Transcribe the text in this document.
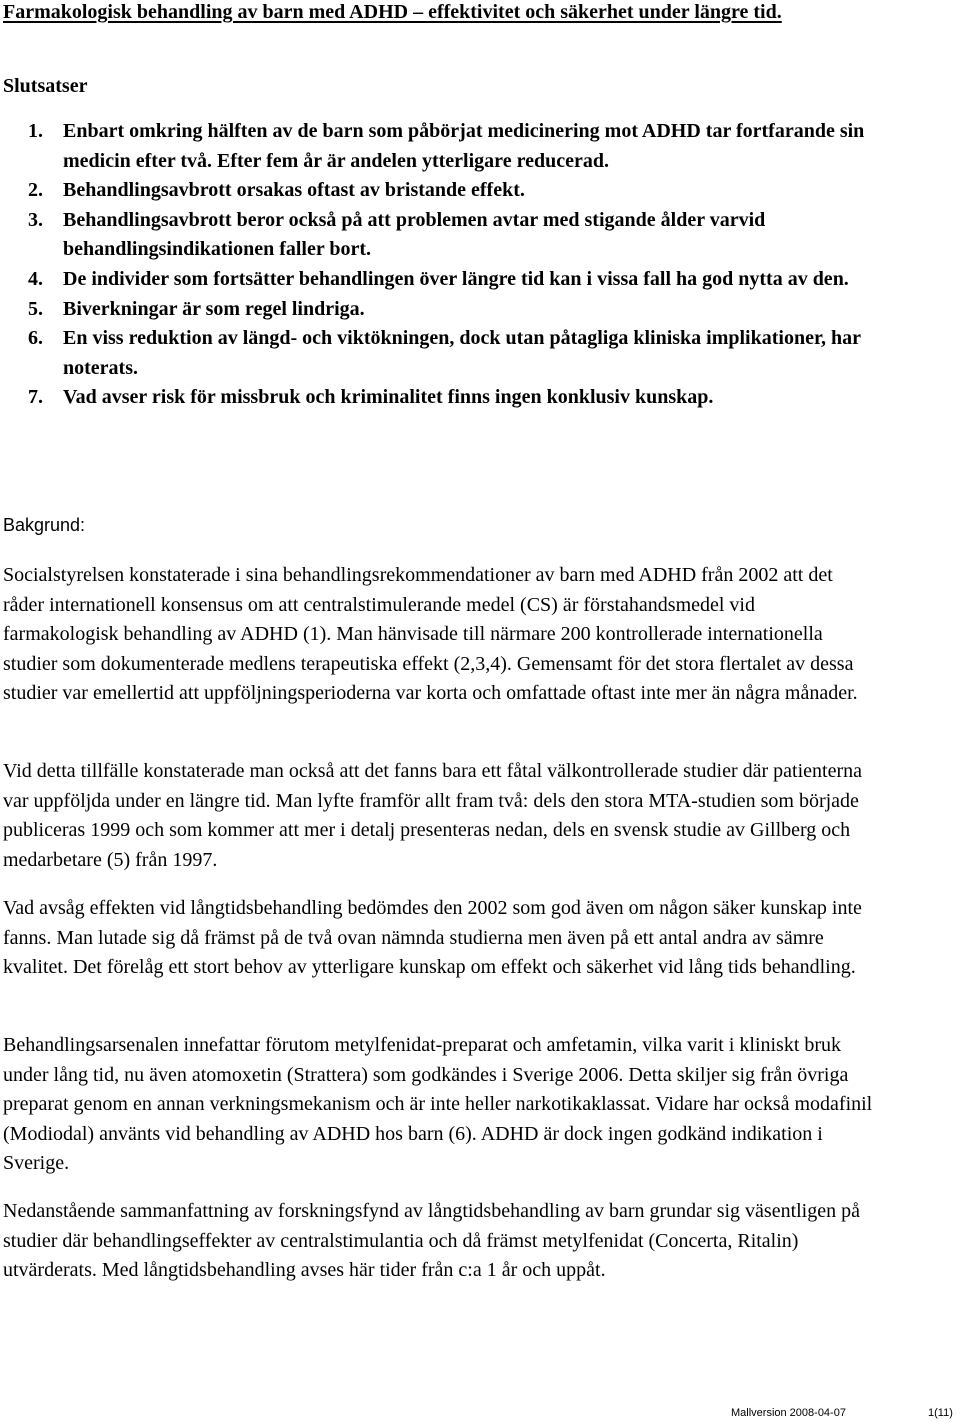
Farmakologisk behandling av barn med ADHD – effektivitet och säkerhet under längre tid.
Slutsatser
1. Enbart omkring hälften av de barn som påbörjat medicinering mot ADHD tar fortfarande sin medicin efter två. Efter fem år är andelen ytterligare reducerad.
2. Behandlingsavbrott orsakas oftast av bristande effekt.
3. Behandlingsavbrott beror också på att problemen avtar med stigande ålder varvid behandlingsindikationen faller bort.
4. De individer som fortsätter behandlingen över längre tid kan i vissa fall ha god nytta av den.
5. Biverkningar är som regel lindriga.
6. En viss reduktion av längd- och viktökningen, dock utan påtagliga kliniska implikationer, har noterats.
7. Vad avser risk för missbruk och kriminalitet finns ingen konklusiv kunskap.
Bakgrund:

Socialstyrelsen konstaterade i sina behandlingsrekommendationer av barn med ADHD från 2002 att det råder internationell konsensus om att centralstimulerande medel (CS) är förstahandsmedel vid farmakologisk behandling av ADHD (1). Man hänvisade till närmare 200 kontrollerade internationella studier som dokumenterade medlens terapeutiska effekt (2,3,4). Gemensamt för det stora flertalet av dessa studier var emellertid att uppföljningsperioderna var korta och omfattade oftast inte mer än några månader.

Vid detta tillfälle konstaterade man också att det fanns bara ett fåtal välkontrollerade studier där patienterna var uppföljda under en längre tid. Man lyfte framför allt fram två: dels den stora MTA-studien som började publiceras 1999 och som kommer att mer i detalj presenteras nedan, dels en svensk studie av Gillberg och medarbetare (5) från 1997.

Vad avsåg effekten vid långtidsbehandling bedömdes den 2002 som god även om någon säker kunskap inte fanns. Man lutade sig då främst på de två ovan nämnda studierna men även på ett antal andra av sämre kvalitet. Det förelåg ett stort behov av ytterligare kunskap om effekt och säkerhet vid lång tids behandling.

Behandlingsarsenalen innefattar förutom metylfenidat-preparat och amfetamin, vilka varit i kliniskt bruk under lång tid, nu även atomoxetin (Strattera) som godkändes i Sverige 2006. Detta skiljer sig från övriga preparat genom en annan verkningsmekanism och är inte heller narkotikaklassat. Vidare har också modafinil (Modiodal) använts vid behandling av ADHD hos barn (6). ADHD är dock ingen godkänd indikation i Sverige.

Nedanstående sammanfattning av forskningsfynd av långtidsbehandling av barn grundar sig väsentligen på studier där behandlingseffekter av centralstimulantia och då främst metylfenidat (Concerta, Ritalin) utvärderats. Med långtidsbehandling avses här tider från c:a 1 år och uppåt.

Mallversion 2008-04-07	1(11)
